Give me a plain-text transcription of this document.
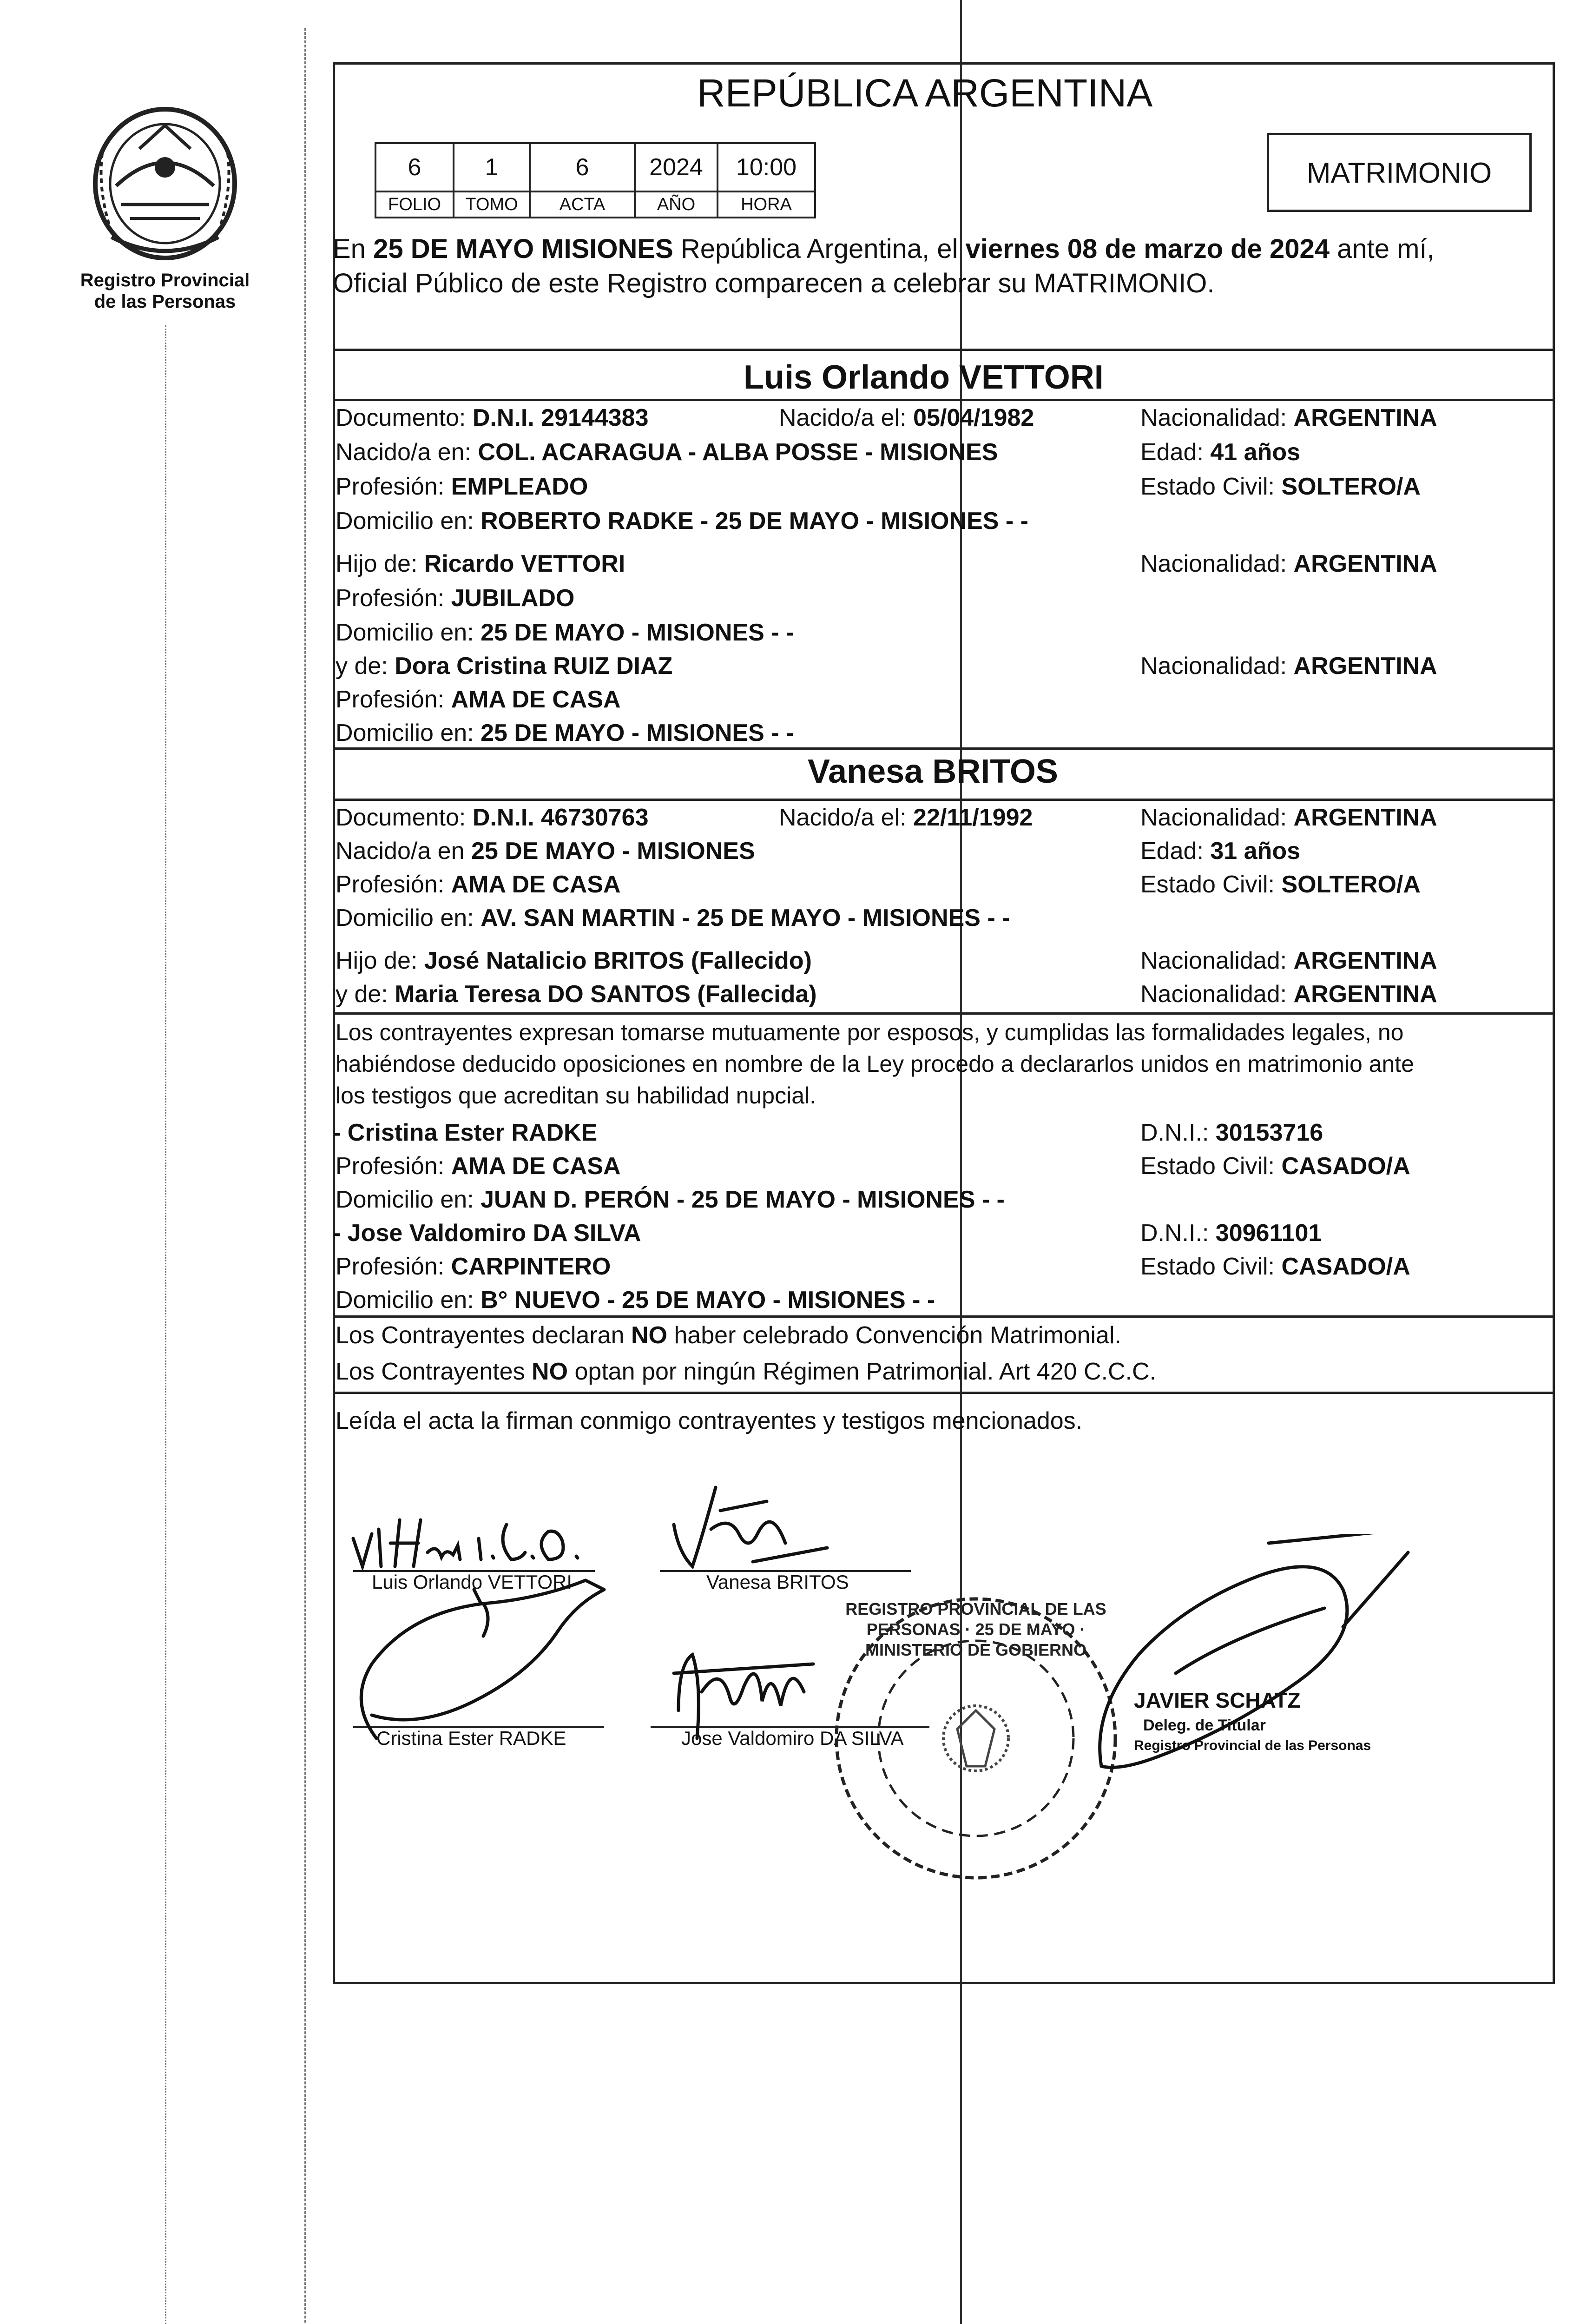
Registro Provincial
de las Personas
REPÚBLICA ARGENTINA
MATRIMONIO
6	1	6	2024	10:00
FOLIO	TOMO	ACTA	AÑO	HORA
En 25 DE MAYO MISIONES República Argentina, el viernes 08 de marzo de 2024 ante mí,
Oficial Público de este Registro comparecen a celebrar su MATRIMONIO.
Luis Orlando VETTORI
Documento: D.N.I. 29144383	Nacido/a el: 05/04/1982	Nacionalidad: ARGENTINA
Nacido/a en: COL. ACARAGUA - ALBA POSSE - MISIONES	Edad: 41 años
Profesión: EMPLEADO	Estado Civil: SOLTERO/A
Domicilio en: ROBERTO RADKE - 25 DE MAYO - MISIONES - -
Hijo de: Ricardo VETTORI	Nacionalidad: ARGENTINA
Profesión: JUBILADO
Domicilio en: 25 DE MAYO - MISIONES - -
y de: Dora Cristina RUIZ DIAZ	Nacionalidad: ARGENTINA
Profesión: AMA DE CASA
Domicilio en: 25 DE MAYO - MISIONES - -
Vanesa BRITOS
Documento: D.N.I. 46730763	Nacido/a el: 22/11/1992	Nacionalidad: ARGENTINA
Nacido/a en 25 DE MAYO - MISIONES	Edad: 31 años
Profesión: AMA DE CASA	Estado Civil: SOLTERO/A
Domicilio en: AV. SAN MARTIN - 25 DE MAYO - MISIONES - -
Hijo de: José Natalicio BRITOS (Fallecido)	Nacionalidad: ARGENTINA
y de: Maria Teresa DO SANTOS (Fallecida)	Nacionalidad: ARGENTINA
Los contrayentes expresan tomarse mutuamente por esposos, y cumplidas las formalidades legales, no
habiéndose deducido oposiciones en nombre de la Ley procedo a declararlos unidos en matrimonio ante
los testigos que acreditan su habilidad nupcial.
- Cristina Ester RADKE	D.N.I.: 30153716
Profesión: AMA DE CASA	Estado Civil: CASADO/A
Domicilio en: JUAN D. PERÓN - 25 DE MAYO - MISIONES - -
- Jose Valdomiro DA SILVA	D.N.I.: 30961101
Profesión: CARPINTERO	Estado Civil: CASADO/A
Domicilio en: B° NUEVO - 25 DE MAYO - MISIONES - -
Los Contrayentes declaran NO haber celebrado Convención Matrimonial.
Los Contrayentes NO optan por ningún Régimen Patrimonial. Art 420 C.C.C.
Leída el acta la firman conmigo contrayentes y testigos mencionados.
Luis Orlando VETTORI	Vanesa BRITOS
Cristina Ester RADKE	Jose Valdomiro DA SILVA
REGISTRO PROVINCIAL DE LAS PERSONAS · 25 DE MAYO · MINISTERIO DE GOBIERNO
JAVIER SCHATZ
Deleg. de Titular
Registro Provincial de las Personas
